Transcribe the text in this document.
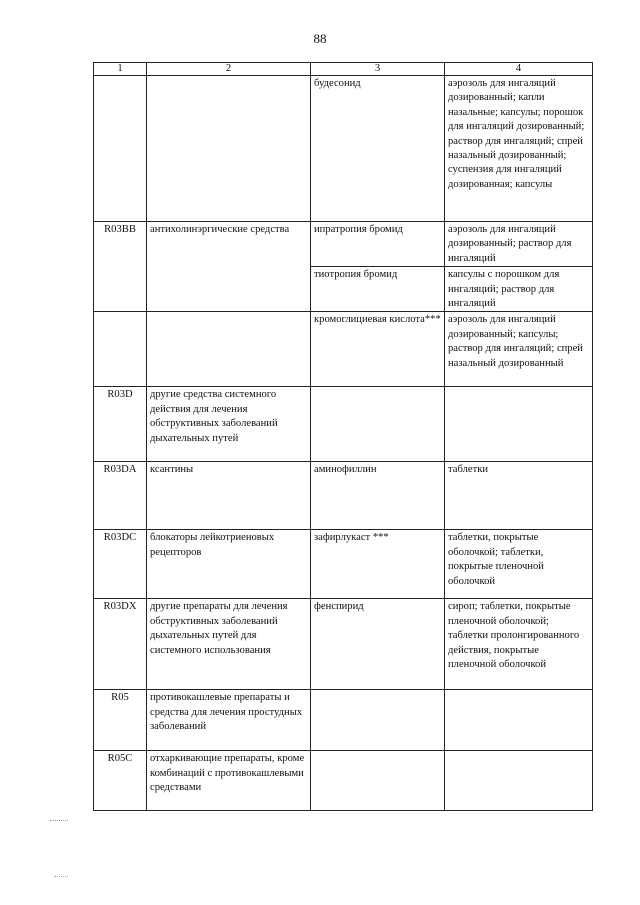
88
1	2	3	4
		будесонид	аэрозоль для ингаляций дозированный; капли назальные; капсулы; порошок для ингаляций дозированный; раствор для ингаляций; спрей назальный дозированный; суспензия для ингаляций дозированная; капсулы
R03BB	антихолинэргические средства	ипратропия бромид	аэрозоль для ингаляций дозированный; раствор для ингаляций
		тиотропия бромид	капсулы с порошком для ингаляций; раствор для ингаляций
		кромоглициевая кислота***	аэрозоль для ингаляций дозированный; капсулы; раствор для ингаляций; спрей назальный дозированный
R03D	другие средства системного действия для лечения обструктивных заболеваний дыхательных путей		
R03DA	ксантины	аминофиллин	таблетки
R03DC	блокаторы лейкотриеновых рецепторов	зафирлукаст ***	таблетки, покрытые оболочкой; таблетки, покрытые пленочной оболочкой
R03DX	другие препараты для лечения обструктивных заболеваний дыхательных путей для системного использования	фенспирид	сироп; таблетки, покрытые пленочной оболочкой; таблетки пролонгированного действия, покрытые пленочной оболочкой
R05	противокашлевые препараты и средства для лечения простудных заболеваний		
R05C	отхаркивающие препараты, кроме комбинаций с противокашлевыми средствами		
